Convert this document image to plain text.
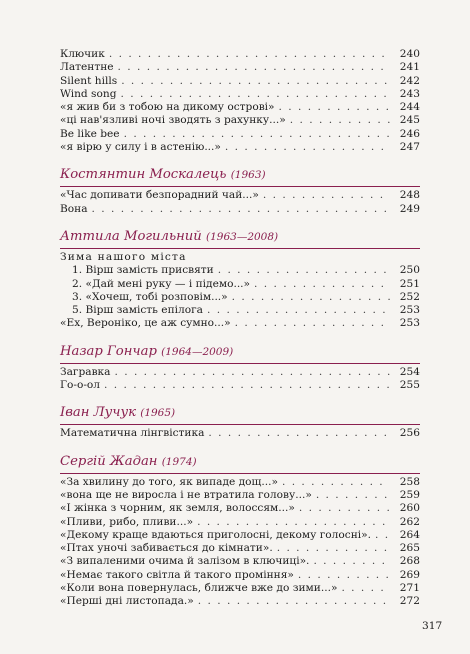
Ключик . . .	240
Латентне . . .	241
Silent hills . . .	242
Wind song . . .	243
«я жив би з тобою на дикому острові» . . .	244
«ці нав'язливі ночі зводять з рахунку...» . . .	245
Be like bee . . .	246
«я вірю у силу і в астенію...» . . .	247
Костянтин Москалець (1963)
«Час допивати безпорадний чай...» . . .	248
Вона . . .	249
Аттила Могильний (1963—2008)
Зима нашого міста
1. Вірш замість присвяти . . .	250
2. «Дай мені руку — і підемо...» . . .	251
3. «Хочеш, тобі розповім...» . . .	252
5. Вірш замість епілога . . .	253
«Ех, Вероніко, це аж сумно...» . . .	253
Назар Гончар (1964—2009)
Загравка . . .	254
Го-о-ол . . .	255
Іван Лучук (1965)
Математична лінгвістика . . .	256
Сергій Жадан (1974)
«За хвилину до того, як випаде дощ...» . . .	258
«вона ще не виросла і не втратила голову...» . . .	259
«І жінка з чорним, як земля, волоссям...» . . .	260
«Пливи, рибо, пливи...» . . .	262
«Декому краще вдаються приголосні, декому голосні». . . .	264
«Птах уночі забивається до кімнати». . . .	265
«З випаленими очима й залізом в ключиці». . . .	268
«Немає такого світла й такого проміння» . . .	269
«Коли вона повернулась, ближче вже до зими...» . . .	271
«Перші дні листопада.» . . .	272
317
